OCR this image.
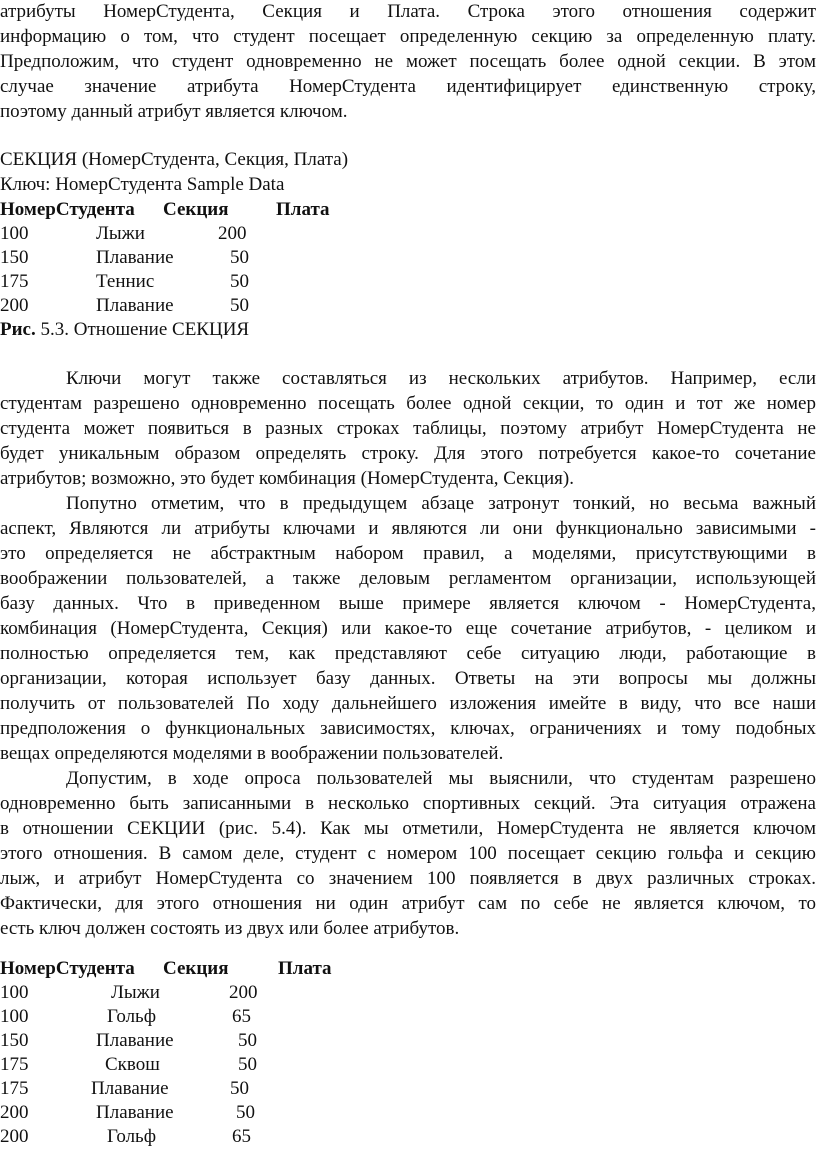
атрибуты НомерСтудента, Секция и Плата. Строка этого отношения содержит
информацию о том, что студент посещает определенную секцию за определенную плату.
Предположим, что студент одновременно не может посещать более одной секции. В этом
случае значение атрибута НомерСтудента идентифицирует единственную строку,
поэтому данный атрибут является ключом.
СЕКЦИЯ (НомерСтудента, Секция, Плата)
Ключ: НомерСтудента Sample Data
НомерСтудента Секция Плата
100	Лыжи	200
150	Плавание	50
175	Теннис	50
200	Плавание	50
Рис. 5.3. Отношение СЕКЦИЯ
Ключи могут также составляться из нескольких атрибутов. Например, если
студентам разрешено одновременно посещать более одной секции, то один и тот же номер
студента может появиться в разных строках таблицы, поэтому атрибут НомерСтудента не
будет уникальным образом определять строку. Для этого потребуется какое-то сочетание
атрибутов; возможно, это будет комбинация (НомерСтудента, Секция).
Попутно отметим, что в предыдущем абзаце затронут тонкий, но весьма важный
аспект, Являются ли атрибуты ключами и являются ли они функционально зависимыми -
это определяется не абстрактным набором правил, а моделями, присутствующими в
воображении пользователей, а также деловым регламентом организации, использующей
базу данных. Что в приведенном выше примере является ключом - НомерСтудента,
комбинация (НомерСтудента, Секция) или какое-то еще сочетание атрибутов, - целиком и
полностью определяется тем, как представляют себе ситуацию люди, работающие в
организации, которая использует базу данных. Ответы на эти вопросы мы должны
получить от пользователей По ходу дальнейшего изложения имейте в виду, что все наши
предположения о функциональных зависимостях, ключах, ограничениях и тому подобных
вещах определяются моделями в воображении пользователей.
Допустим, в ходе опроса пользователей мы выяснили, что студентам разрешено
одновременно быть записанными в несколько спортивных секций. Эта ситуация отражена
в отношении СЕКЦИИ (рис. 5.4). Как мы отметили, НомерСтудента не является ключом
этого отношения. В самом деле, студент с номером 100 посещает секцию гольфа и секцию
лыж, и атрибут НомерСтудента со значением 100 появляется в двух различных строках.
Фактически, для этого отношения ни один атрибут сам по себе не является ключом, то
есть ключ должен состоять из двух или более атрибутов.
НомерСтудента Секция	Плата
100	Лыжи	200
100	Гольф	65
150	Плавание	50
175	Сквош	50
175	Плавание	50
200	Плавание	50
200	Гольф	65
